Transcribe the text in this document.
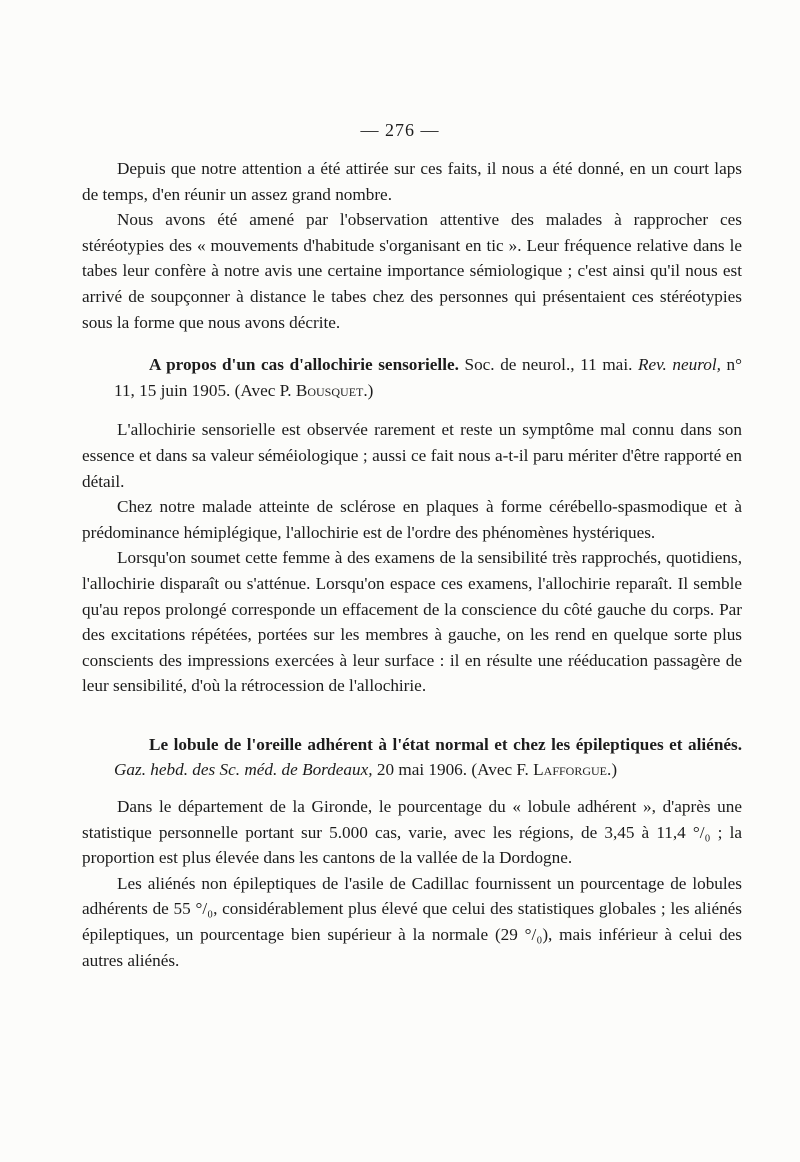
— 276 —

Depuis que notre attention a été attirée sur ces faits, il nous a été donné, en un court laps de temps, d'en réunir un assez grand nombre.

Nous avons été amené par l'observation attentive des malades à rapprocher ces stéréotypies des « mouvements d'habitude s'organisant en tic ». Leur fréquence relative dans le tabes leur confère à notre avis une certaine importance sémiologique ; c'est ainsi qu'il nous est arrivé de soupçonner à distance le tabes chez des personnes qui présentaient ces stéréotypies sous la forme que nous avons décrite.

A propos d'un cas d'allochirie sensorielle. Soc. de neurol., 11 mai. Rev. neurol, n° 11, 15 juin 1905. (Avec P. Bousquet.)

L'allochirie sensorielle est observée rarement et reste un symptôme mal connu dans son essence et dans sa valeur séméiologique ; aussi ce fait nous a-t-il paru mériter d'être rapporté en détail.

Chez notre malade atteinte de sclérose en plaques à forme cérébello-spasmodique et à prédominance hémiplégique, l'allochirie est de l'ordre des phénomènes hystériques.

Lorsqu'on soumet cette femme à des examens de la sensibilité très rapprochés, quotidiens, l'allochirie disparaît ou s'atténue. Lorsqu'on espace ces examens, l'allochirie reparaît. Il semble qu'au repos prolongé corresponde un effacement de la conscience du côté gauche du corps. Par des excitations répétées, portées sur les membres à gauche, on les rend en quelque sorte plus conscients des impressions exercées à leur surface : il en résulte une rééducation passagère de leur sensibilité, d'où la rétrocession de l'allochirie.

Le lobule de l'oreille adhérent à l'état normal et chez les épileptiques et aliénés. Gaz. hebd. des Sc. méd. de Bordeaux, 20 mai 1906. (Avec F. Lafforgue.)

Dans le département de la Gironde, le pourcentage du « lobule adhérent », d'après une statistique personnelle portant sur 5.000 cas, varie, avec les régions, de 3,45 à 11,4 °/₀ ; la proportion est plus élevée dans les cantons de la vallée de la Dordogne.

Les aliénés non épileptiques de l'asile de Cadillac fournissent un pourcentage de lobules adhérents de 55 °/₀, considérablement plus élevé que celui des statistiques globales ; les aliénés épileptiques, un pourcentage bien supérieur à la normale (29 °/₀), mais inférieur à celui des autres aliénés.
